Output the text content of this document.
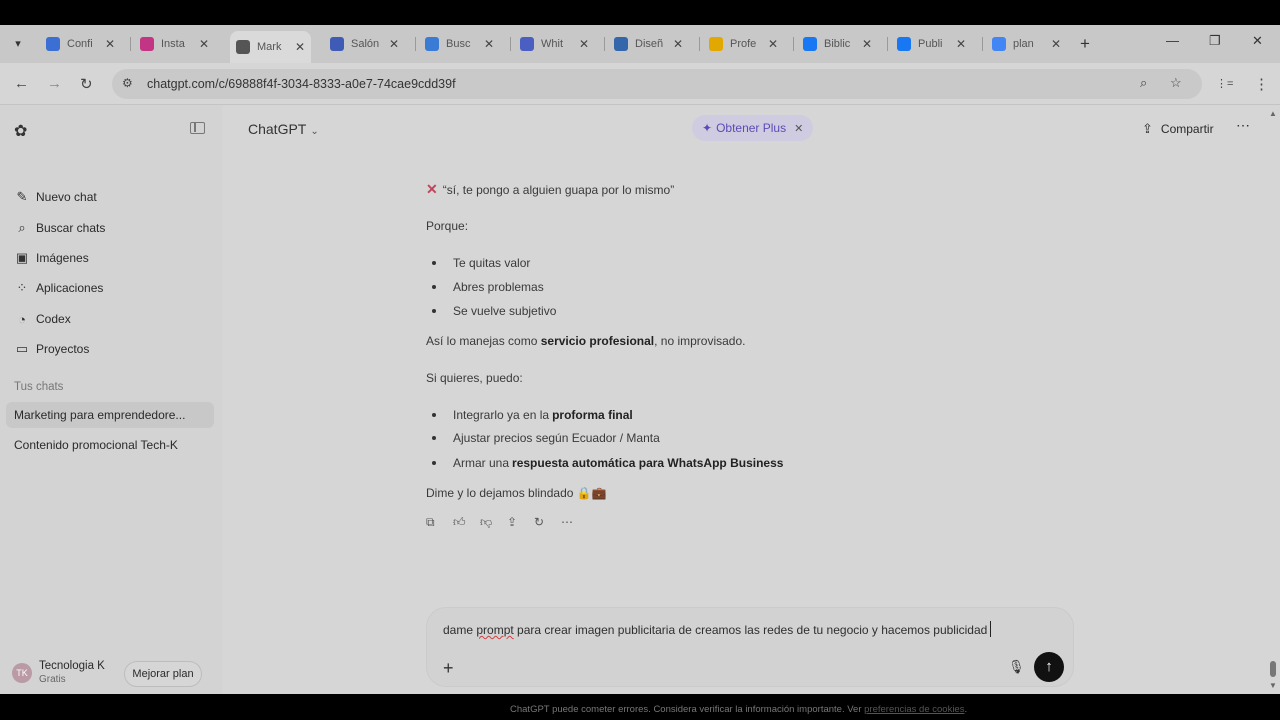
▾	Confi ✕	Insta ✕	Mark ✕	Salón ✕	Busc ✕	Whit	✕	Diseñ ✕	Profe ✕	Biblic ✕	Publi ✕	plan	✕ +	— ❐ ✕
← → ↻ ⚙ chatgpt.com/c/69888f4f-3034-8333-a0e7-74cae9cdd39f	⌕ ☆	⋮= ⋮
✿
✎ Nuevo chat
⌕ Buscar chats
▣ Imágenes
⁘ Aplicaciones
◔ Codex
▭ Proyectos
Tus chats
Marketing para emprendedore...
Contenido promocional Tech-K
TK
Tecnologia K
Gratis	Mejorar plan
ChatGPT ⌄	✦ Obtener Plus ✕	⇪ Compartir ⋯
✕ “sí, te pongo a alguien guapa por lo mismo”
Porque:
Te quitas valor
Abres problemas
Se vuelve subjetivo
Así lo manejas como servicio profesional, no improvisado.
Si quieres, puedo:
Integrarlo ya en la proforma final
Ajustar precios según Ecuador / Manta
Armar una respuesta automática para WhatsApp Business
Dime y lo dejamos blindado 🔒💼
⧉	👍︎	👎︎	⇪	↻	⋯
dame prompt para crear imagen publicitaria de creamos las redes de tu negocio y hacemos publicidad
+	🎙︎	↑
ChatGPT puede cometer errores. Considera verificar la información importante. Ver preferencias de cookies.
▲
▼
